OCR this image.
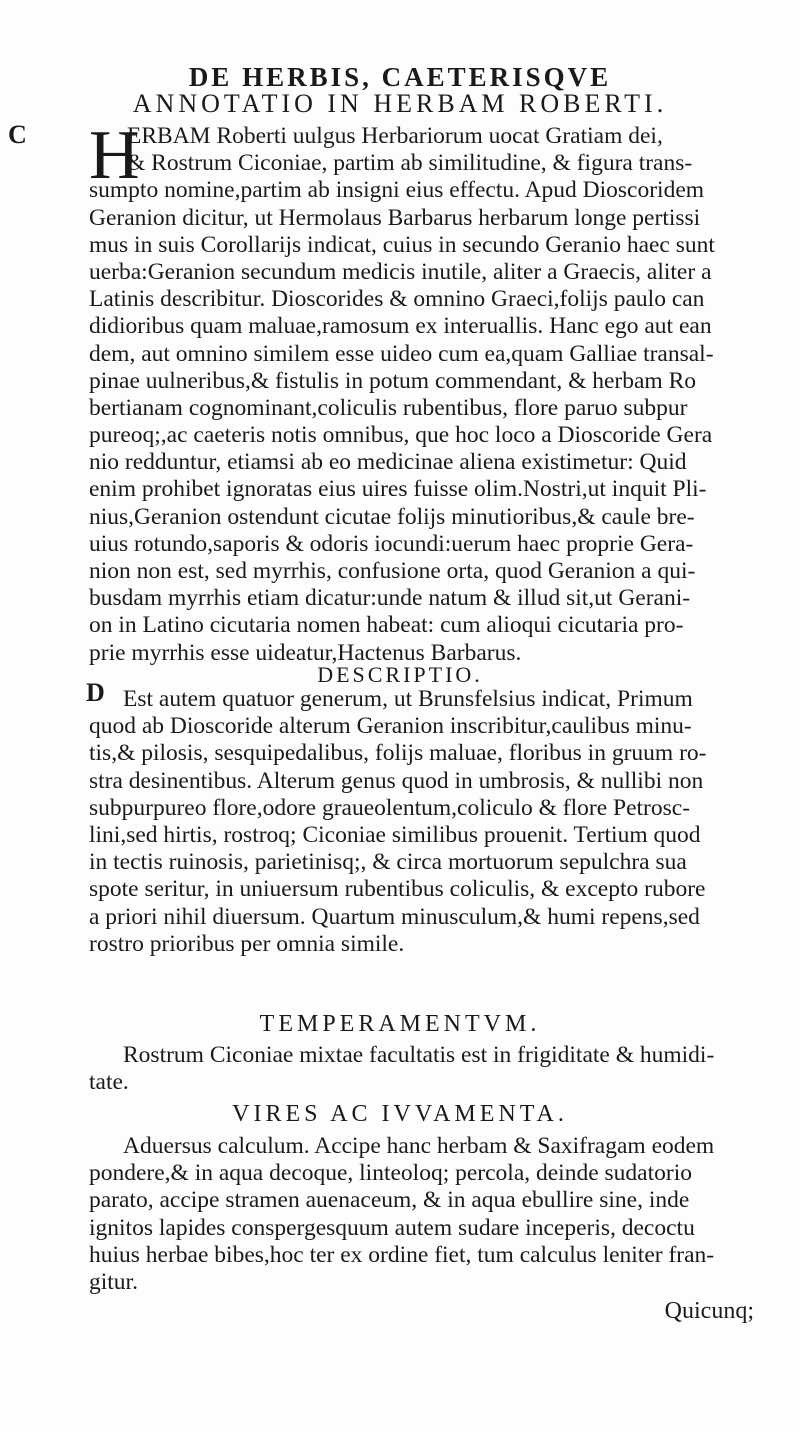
DE HERBIS, CAETERISQVE
C
D
ANNOTATIO IN HERBAM ROBERTI.
H
ERBAM Roberti uulgus Herbariorum uocat Gratiam dei,
& Rostrum Ciconiae, partim ab similitudine, & figura trans-
sumpto nomine,partim ab insigni eius effectu. Apud Dioscoridem
Geranion dicitur, ut Hermolaus Barbarus herbarum longe pertissi
mus in suis Corollarijs indicat, cuius in secundo Geranio haec sunt
uerba:Geranion secundum medicis inutile, aliter a Graecis, aliter a
Latinis describitur. Dioscorides & omnino Graeci,folijs paulo can
didioribus quam maluae,ramosum ex interuallis. Hanc ego aut ean
dem, aut omnino similem esse uideo cum ea,quam Galliae transal-
pinae uulneribus,& fistulis in potum commendant, & herbam Ro
bertianam cognominant,coliculis rubentibus, flore paruo subpur
pureoq;,ac caeteris notis omnibus, que hoc loco a Dioscoride Gera
nio redduntur, etiamsi ab eo medicinae aliena existimetur: Quid
enim prohibet ignoratas eius uires fuisse olim.Nostri,ut inquit Pli-
nius,Geranion ostendunt cicutae folijs minutioribus,& caule bre-
uius rotundo,saporis & odoris iocundi:uerum haec proprie Gera-
nion non est, sed myrrhis, confusione orta, quod Geranion a qui-
busdam myrrhis etiam dicatur:unde natum & illud sit,ut Gerani-
on in Latino cicutaria nomen habeat: cum alioqui cicutaria pro-
prie myrrhis esse uideatur,Hactenus Barbarus.
DESCRIPTIO.
Est autem quatuor generum, ut Brunsfelsius indicat, Primum
quod ab Dioscoride alterum Geranion inscribitur,caulibus minu-
tis,& pilosis, sesquipedalibus, folijs maluae, floribus in gruum ro-
stra desinentibus. Alterum genus quod in umbrosis, & nullibi non
subpurpureo flore,odore graueolentum,coliculo & flore Petrosc-
lini,sed hirtis, rostroq; Ciconiae similibus prouenit. Tertium quod
in tectis ruinosis, parietinisq;, & circa mortuorum sepulchra sua
spote seritur, in uniuersum rubentibus coliculis, & excepto rubore
a priori nihil diuersum. Quartum minusculum,& humi repens,sed
rostro prioribus per omnia simile.
TEMPERAMENTVM.
Rostrum Ciconiae mixtae facultatis est in frigiditate & humidi-
tate.
VIRES AC IVVAMENTA.
Aduersus calculum. Accipe hanc herbam & Saxifragam eodem
pondere,& in aqua decoque, linteoloq; percola, deinde sudatorio
parato, accipe stramen auenaceum, & in aqua ebullire sine, inde
ignitos lapides conspergesquum autem sudare inceperis, decoctu
huius herbae bibes,hoc ter ex ordine fiet, tum calculus leniter fran-
gitur.
Quicunq;
